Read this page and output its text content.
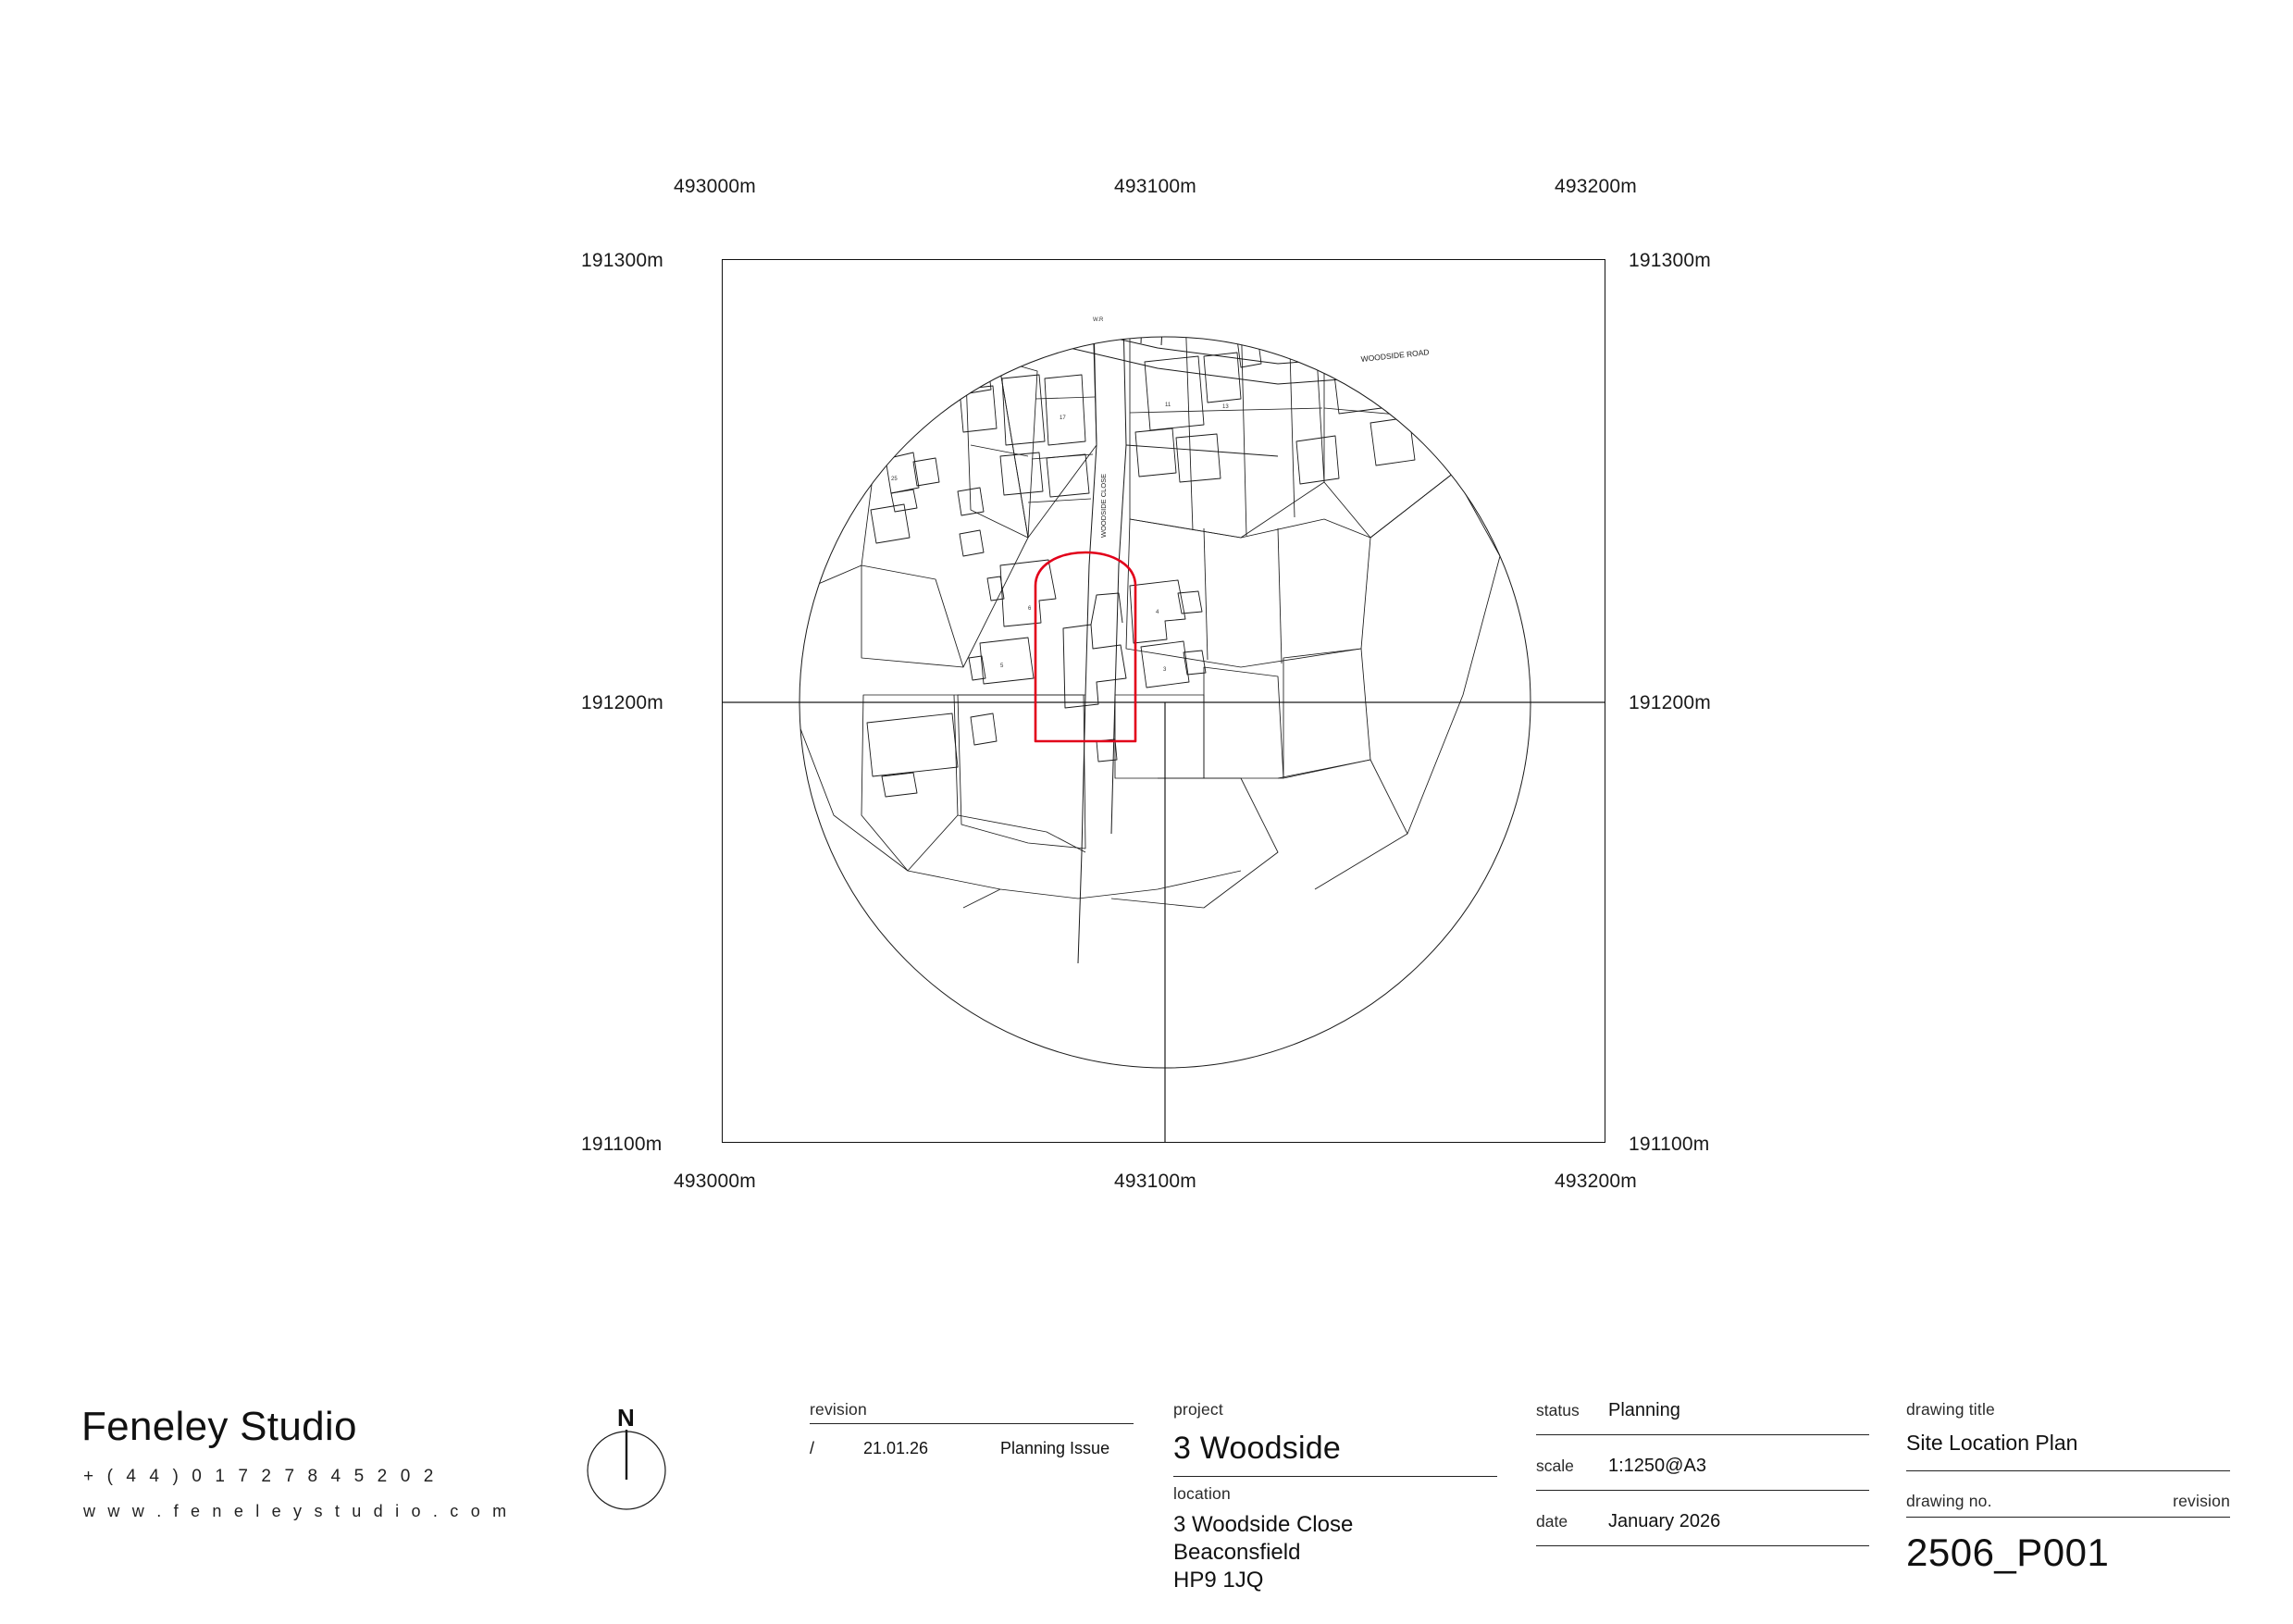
493000m	493100m	493200m
493000m	493100m	493200m
191300m
191200m
191100m
191300m
191200m
191100m
WOODSIDE ROAD
WOODSIDE CLOSE
25
17
11	13
4
6
5
3
W.R
Feneley Studio
+ ( 4 4 ) 0 1 7 2 7 8 4 5 2 0 2
w w w . f e n e l e y s t u d i o . c o m
N	revision
/	21.01.26	Planning Issue
project
3 Woodside
location
3 Woodside Close
Beaconsfield
HP9 1JQ
status	Planning
scale	1:1250@A3
date	January 2026
drawing title
Site Location Plan
drawing no.	revision
2506_P001
